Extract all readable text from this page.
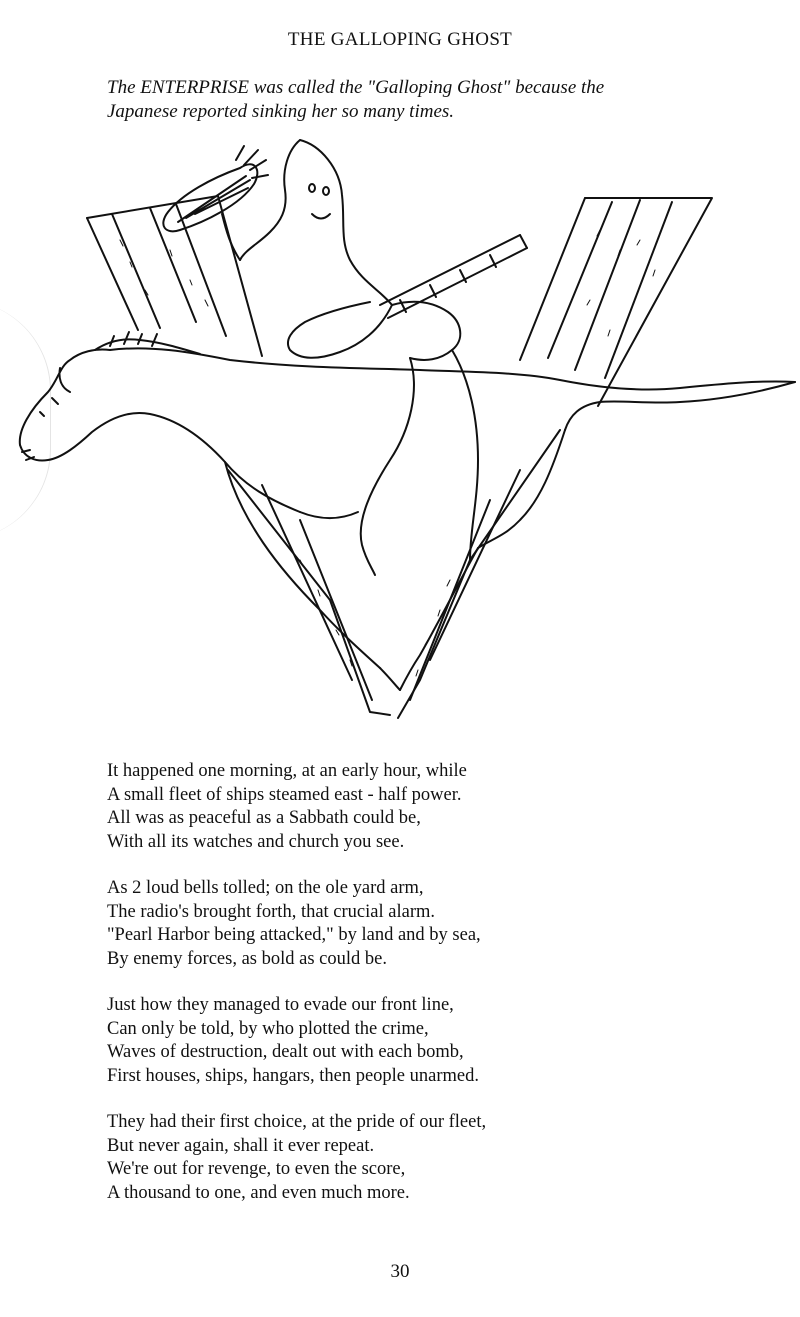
THE GALLOPING GHOST

The ENTERPRISE was called the "Galloping Ghost" because the Japanese reported sinking her so many times.

It happened one morning, at an early hour, while
A small fleet of ships steamed east - half power.
All was as peaceful as a Sabbath could be,
With all its watches and church you see.
As 2 loud bells tolled; on the ole yard arm,
The radio's brought forth, that crucial alarm.
"Pearl Harbor being attacked," by land and by sea,
By enemy forces, as bold as could be.
Just how they managed to evade our front line,
Can only be told, by who plotted the crime,
Waves of destruction, dealt out with each bomb,
First houses, ships, hangars, then people unarmed.
They had their first choice, at the pride of our fleet,
But never again, shall it ever repeat.
We're out for revenge, to even the score,
A thousand to one, and even much more.
30
